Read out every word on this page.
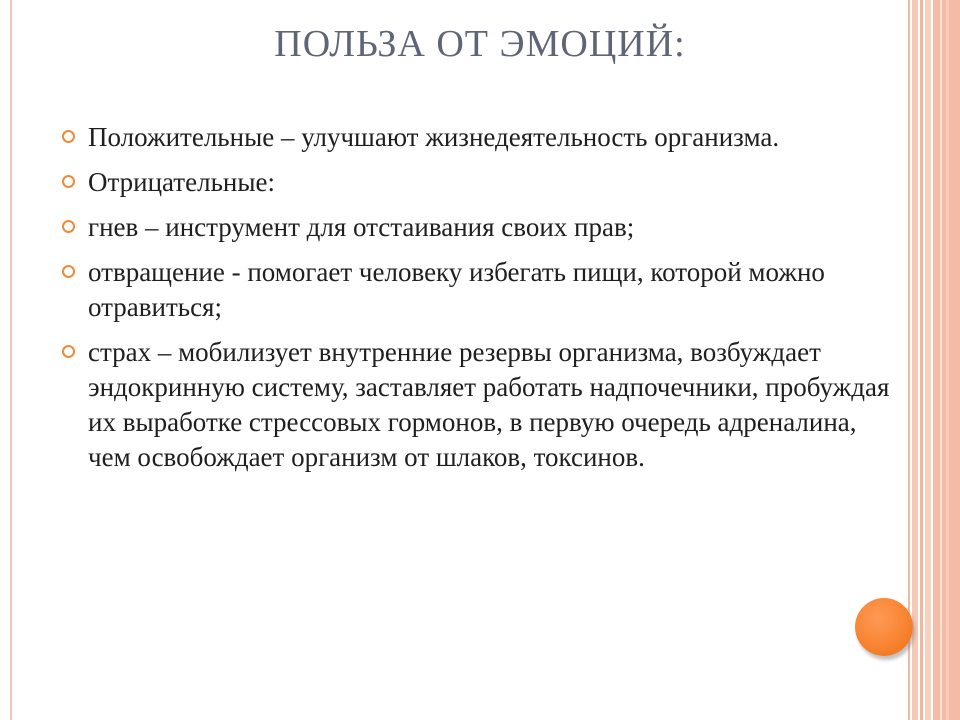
ПОЛЬЗА ОТ ЭМОЦИЙ:
Положительные – улучшают жизнедеятельность организма.
Отрицательные:
гнев – инструмент для отстаивания своих прав;
отвращение - помогает человеку избегать пищи, которой можно отравиться;
страх – мобилизует внутренние резервы организма, возбуждает эндокринную систему, заставляет работать надпочечники, пробуждая их выработке стрессовых гормонов, в первую очередь адреналина, чем освобождает организм от шлаков, токсинов.
